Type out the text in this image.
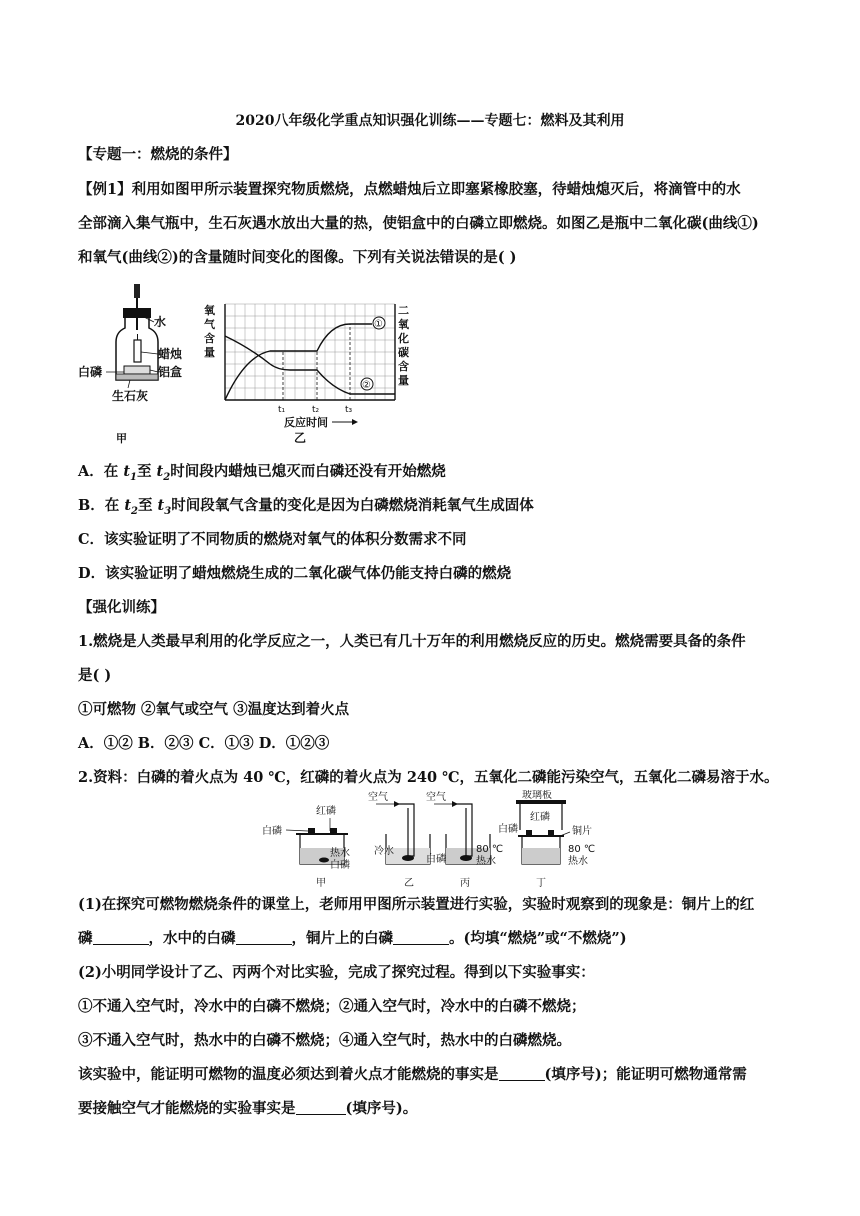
2020八年级化学重点知识强化训练——专题七：燃料及其利用
【专题一：燃烧的条件】
【例1】利用如图甲所示装置探究物质燃烧，点燃蜡烛后立即塞紧橡胶塞，待蜡烛熄灭后，将滴管中的水
全部滴入集气瓶中，生石灰遇水放出大量的热，使铝盒中的白磷立即燃烧。如图乙是瓶中二氧化碳(曲线①)
和氧气(曲线②)的含量随时间变化的图像。下列有关说法错误的是( )
水
蜡烛
铝盒
白磷
生石灰
甲
①
②
氧
气
含
量
二
氧
化
碳
含
量
t₁	t₂	t₃
反应时间
乙
A．在 $t_1$至 $t_2$时间段内蜡烛已熄灭而白磷还没有开始燃烧
B．在 $t_2$至 $t_3$时间段氧气含量的变化是因为白磷燃烧消耗氧气生成固体
C．该实验证明了不同物质的燃烧对氧气的体积分数需求不同
D．该实验证明了蜡烛燃烧生成的二氧化碳气体仍能支持白磷的燃烧
【强化训练】
1.燃烧是人类最早利用的化学反应之一，人类已有几十万年的利用燃烧反应的历史。燃烧需要具备的条件
是( )
①可燃物 ②氧气或空气 ③温度达到着火点
A．①② B．②③ C．①③ D．①②③
2.资料：白磷的着火点为 40 ℃，红磷的着火点为 240 ℃，五氧化二磷能污染空气，五氧化二磷易溶于水。
红磷
白磷
热水
白磷
甲
空气
冷水
乙
空气
白磷
80 ℃
热水
丙
玻璃板
红磷
白磷	铜片
80 ℃
热水
丁
(1)在探究可燃物燃烧条件的课堂上，老师用甲图所示装置进行实验，实验时观察到的现象是：铜片上的红
磷	，水中的白磷	，铜片上的白磷	。(均填“燃烧”或“不燃烧”)
(2)小明同学设计了乙、丙两个对比实验，完成了探究过程。得到以下实验事实：
①不通入空气时，冷水中的白磷不燃烧；②通入空气时，冷水中的白磷不燃烧；
③不通入空气时，热水中的白磷不燃烧；④通入空气时，热水中的白磷燃烧。
该实验中，能证明可燃物的温度必须达到着火点才能燃烧的事实是	(填序号)；能证明可燃物通常需
要接触空气才能燃烧的实验事实是	(填序号)。
